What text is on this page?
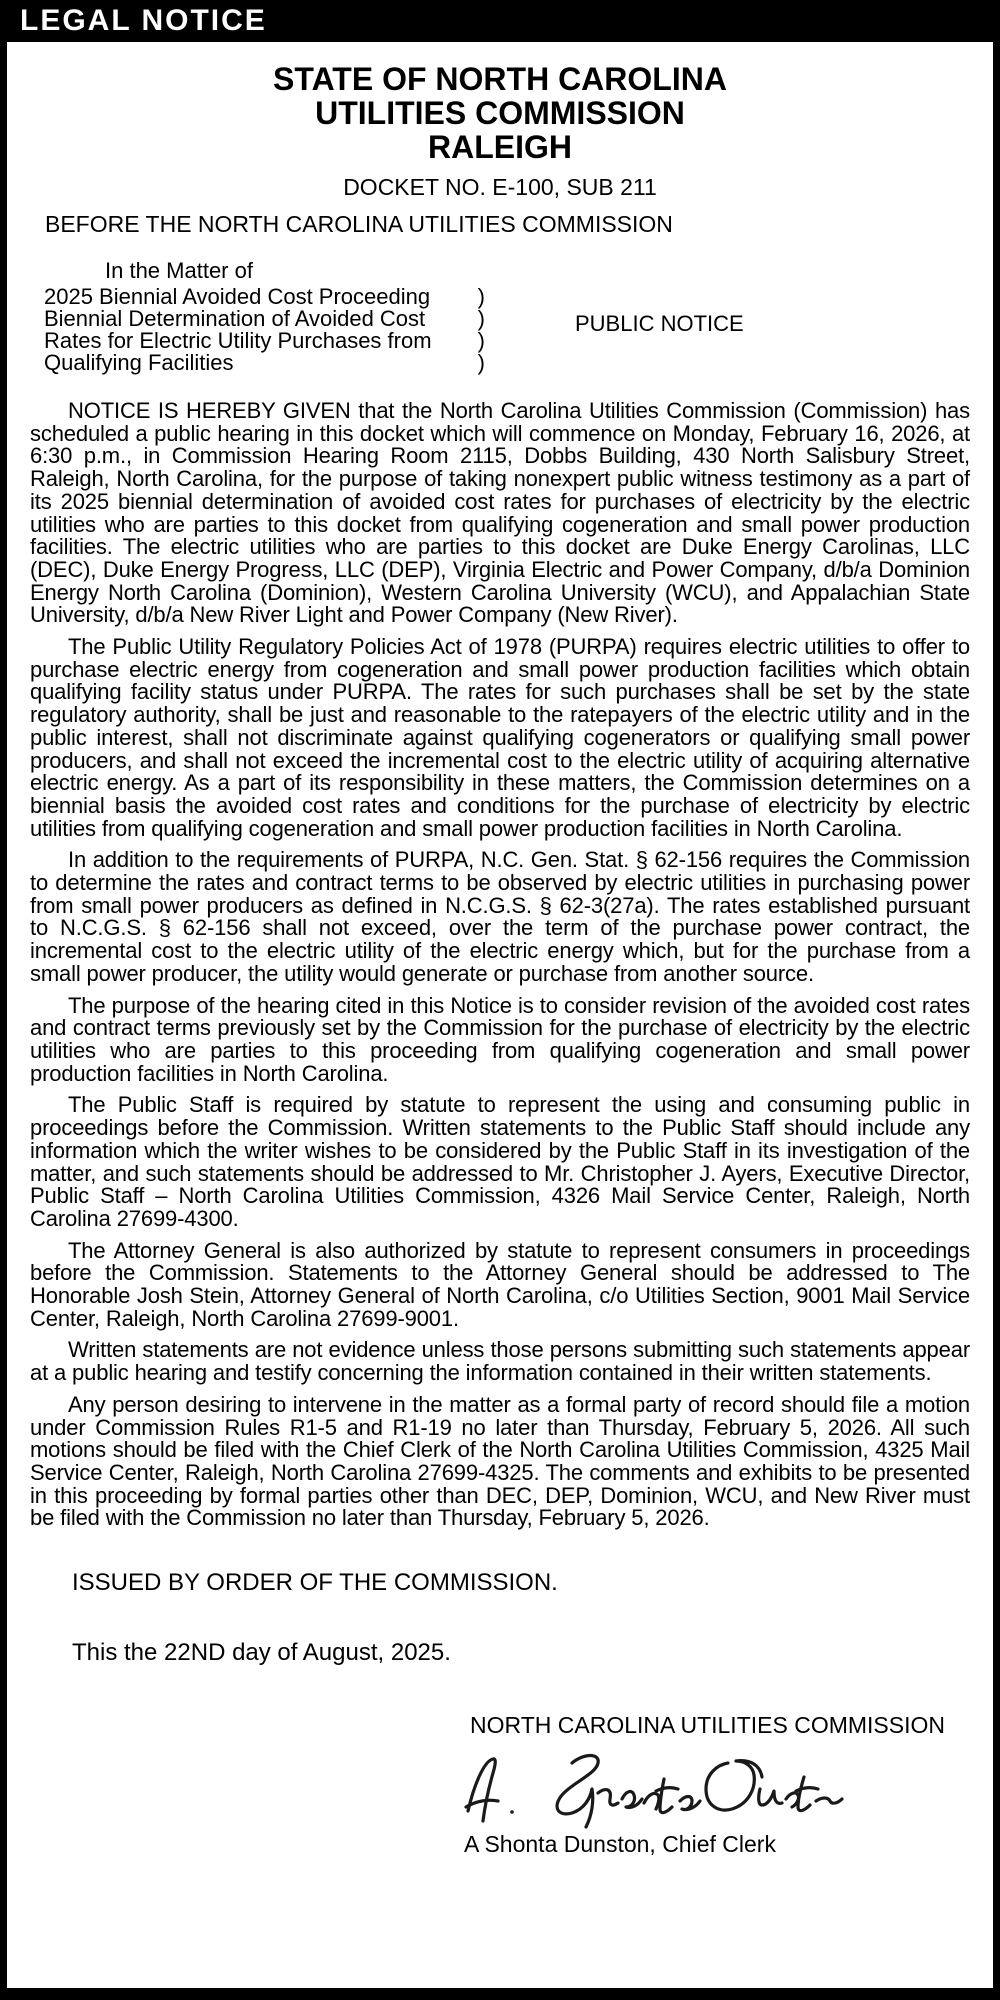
LEGAL NOTICE
STATE OF NORTH CAROLINA
UTILITIES COMMISSION
RALEIGH
DOCKET NO. E-100, SUB 211
BEFORE THE NORTH CAROLINA UTILITIES COMMISSION
In the Matter of
2025 Biennial Avoided Cost Proceeding )
Biennial Determination of Avoided Cost )
Rates for Electric Utility Purchases from )
Qualifying Facilities	)
PUBLIC NOTICE

NOTICE IS HEREBY GIVEN that the North Carolina Utilities Commission (Commission) has scheduled a public hearing in this docket which will commence on Monday, February 16, 2026, at 6:30 p.m., in Commission Hearing Room 2115, Dobbs Building, 430 North Salisbury Street, Raleigh, North Carolina, for the purpose of taking nonexpert public witness testimony as a part of its 2025 biennial determination of avoided cost rates for purchases of electricity by the electric utilities who are parties to this docket from qualifying cogeneration and small power production facilities. The electric utilities who are parties to this docket are Duke Energy Carolinas, LLC (DEC), Duke Energy Progress, LLC (DEP), Virginia Electric and Power Company, d/b/a Dominion Energy North Carolina (Dominion), Western Carolina University (WCU), and Appalachian State University, d/b/a New River Light and Power Company (New River).

The Public Utility Regulatory Policies Act of 1978 (PURPA) requires electric utilities to offer to purchase electric energy from cogeneration and small power production facilities which obtain qualifying facility status under PURPA. The rates for such purchases shall be set by the state regulatory authority, shall be just and reasonable to the ratepayers of the electric utility and in the public interest, shall not discriminate against qualifying cogenerators or qualifying small power producers, and shall not exceed the incremental cost to the electric utility of acquiring alternative electric energy. As a part of its responsibility in these matters, the Commission determines on a biennial basis the avoided cost rates and conditions for the purchase of electricity by electric utilities from qualifying cogeneration and small power production facilities in North Carolina.

In addition to the requirements of PURPA, N.C. Gen. Stat. § 62-156 requires the Commission to determine the rates and contract terms to be observed by electric utilities in purchasing power from small power producers as defined in N.C.G.S. § 62-3(27a). The rates established pursuant to N.C.G.S. § 62-156 shall not exceed, over the term of the purchase power contract, the incremental cost to the electric utility of the electric energy which, but for the purchase from a small power producer, the utility would generate or purchase from another source.

The purpose of the hearing cited in this Notice is to consider revision of the avoided cost rates and contract terms previously set by the Commission for the purchase of electricity by the electric utilities who are parties to this proceeding from qualifying cogeneration and small power production facilities in North Carolina.

The Public Staff is required by statute to represent the using and consuming public in proceedings before the Commission. Written statements to the Public Staff should include any information which the writer wishes to be considered by the Public Staff in its investigation of the matter, and such statements should be addressed to Mr. Christopher J. Ayers, Executive Director, Public Staff – North Carolina Utilities Commission, 4326 Mail Service Center, Raleigh, North Carolina 27699-4300.

The Attorney General is also authorized by statute to represent consumers in proceedings before the Commission. Statements to the Attorney General should be addressed to The Honorable Josh Stein, Attorney General of North Carolina, c/o Utilities Section, 9001 Mail Service Center, Raleigh, North Carolina 27699-9001.

Written statements are not evidence unless those persons submitting such statements appear at a public hearing and testify concerning the information contained in their written statements.

Any person desiring to intervene in the matter as a formal party of record should file a motion under Commission Rules R1-5 and R1-19 no later than Thursday, February 5, 2026. All such motions should be filed with the Chief Clerk of the North Carolina Utilities Commission, 4325 Mail Service Center, Raleigh, North Carolina 27699-4325. The comments and exhibits to be presented in this proceeding by formal parties other than DEC, DEP, Dominion, WCU, and New River must be filed with the Commission no later than Thursday, February 5, 2026.

ISSUED BY ORDER OF THE COMMISSION.
This the 22ND day of August, 2025.
NORTH CAROLINA UTILITIES COMMISSION
A Shonta Dunston, Chief Clerk
